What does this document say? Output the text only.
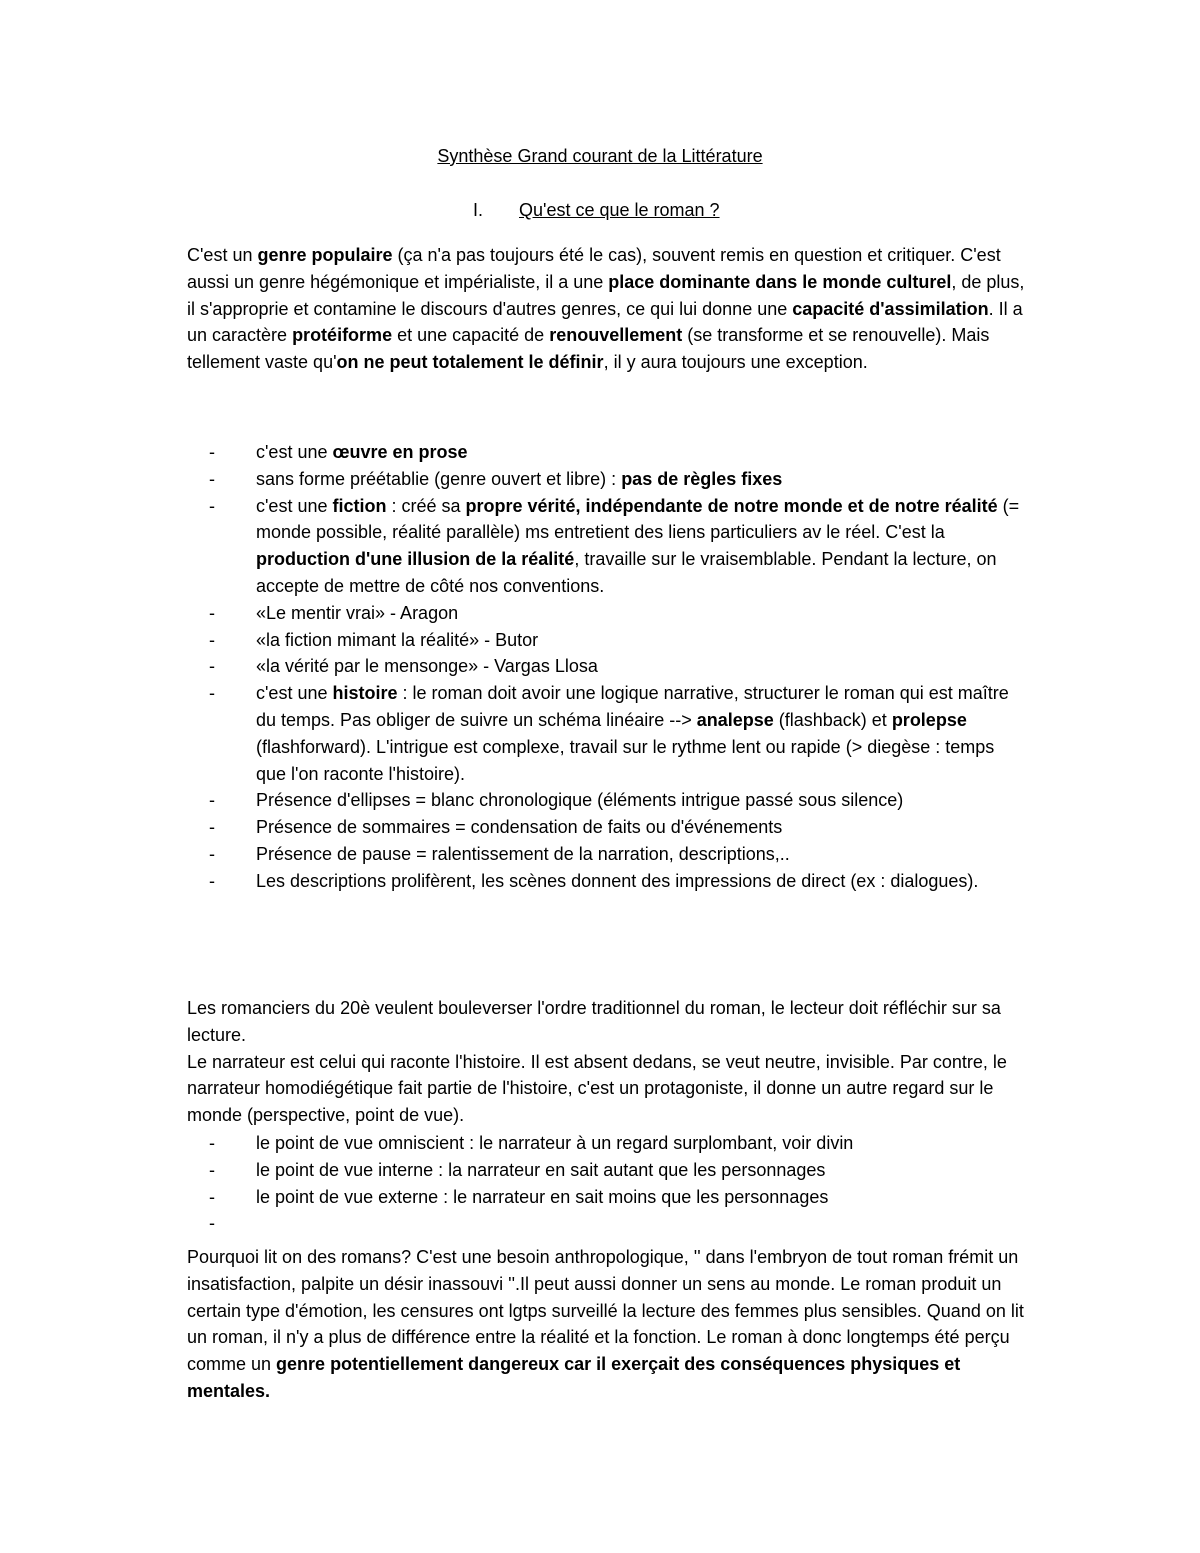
Synthèse Grand courant de la Littérature
I. Qu'est ce que le roman ?

C'est un genre populaire (ça n'a pas toujours été le cas), souvent remis en question et critiquer. C'est aussi un genre hégémonique et impérialiste, il a une place dominante dans le monde culturel, de plus, il s'approprie et contamine le discours d'autres genres, ce qui lui donne une capacité d'assimilation. Il a un caractère protéiforme et une capacité de renouvellement (se transforme et se renouvelle). Mais tellement vaste qu'on ne peut totalement le définir, il y aura toujours une exception.

- c'est une œuvre en prose
- sans forme préétablie (genre ouvert et libre) : pas de règles fixes
- c'est une fiction : créé sa propre vérité, indépendante de notre monde et de notre réalité (= monde possible, réalité parallèle) ms entretient des liens particuliers av le réel. C'est la production d'une illusion de la réalité, travaille sur le vraisemblable. Pendant la lecture, on accepte de mettre de côté nos conventions.
- «Le mentir vrai» - Aragon
- «la fiction mimant la réalité» - Butor
- «la vérité par le mensonge» - Vargas Llosa
- c'est une histoire : le roman doit avoir une logique narrative, structurer le roman qui est maître du temps. Pas obliger de suivre un schéma linéaire --> analepse (flashback) et prolepse (flashforward). L'intrigue est complexe, travail sur le rythme lent ou rapide (> diegèse : temps que l'on raconte l'histoire).
- Présence d'ellipses = blanc chronologique (éléments intrigue passé sous silence)
- Présence de sommaires = condensation de faits ou d'événements
- Présence de pause = ralentissement de la narration, descriptions,..
- Les descriptions prolifèrent, les scènes donnent des impressions de direct (ex : dialogues).
Les romanciers du 20è veulent bouleverser l'ordre traditionnel du roman, le lecteur doit réfléchir sur sa lecture.
Le narrateur est celui qui raconte l'histoire. Il est absent dedans, se veut neutre, invisible. Par contre, le narrateur homodiégétique fait partie de l'histoire, c'est un protagoniste, il donne un autre regard sur le monde (perspective, point de vue).
- le point de vue omniscient : le narrateur à un regard surplombant, voir divin
- le point de vue interne : la narrateur en sait autant que les personnages
- le point de vue externe : le narrateur en sait moins que les personnages
-

Pourquoi lit on des romans? C'est une besoin anthropologique, '' dans l'embryon de tout roman frémit un insatisfaction, palpite un désir inassouvi ''.Il peut aussi donner un sens au monde. Le roman produit un certain type d'émotion, les censures ont lgtps surveillé la lecture des femmes plus sensibles. Quand on lit un roman, il n'y a plus de différence entre la réalité et la fonction. Le roman à donc longtemps été perçu comme un genre potentiellement dangereux car il exerçait des conséquences physiques et mentales.
